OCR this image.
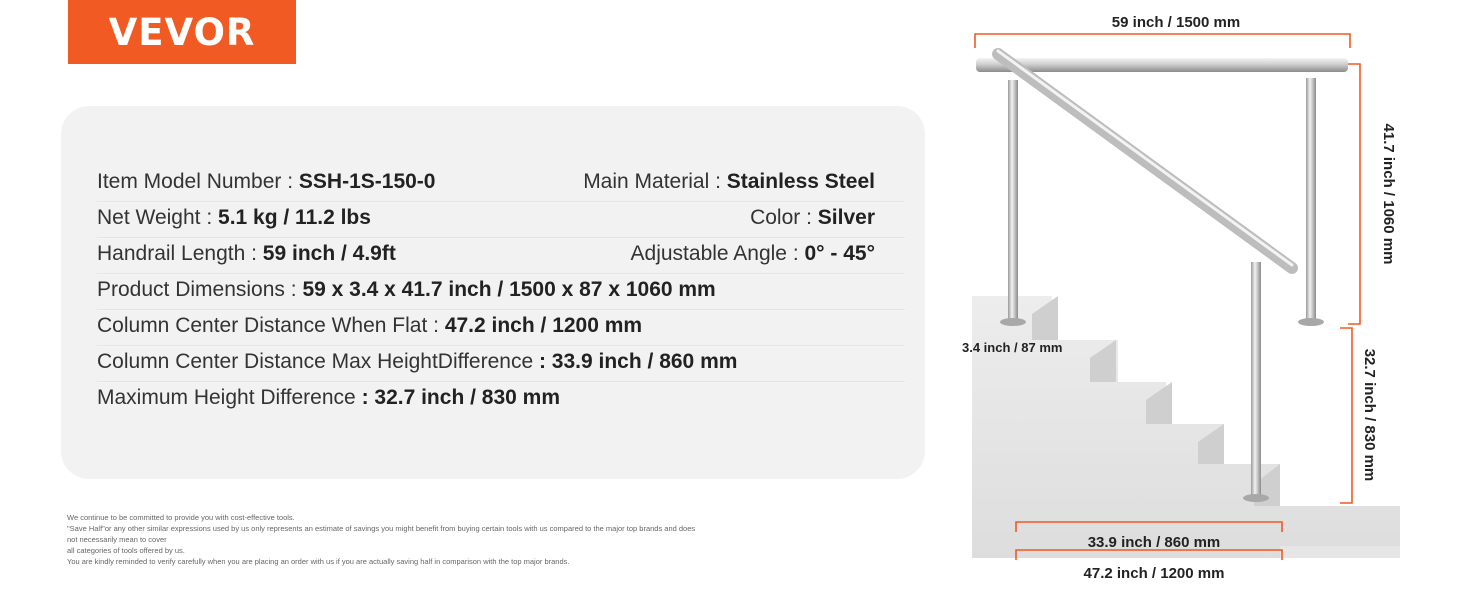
VEVOR
Item Model Number : SSH-1S-150-0	Main Material : Stainless Steel
Net Weight : 5.1 kg / 11.2 lbs	Color : Silver
Handrail Length : 59 inch / 4.9ft	Adjustable Angle : 0° - 45°
Product Dimensions : 59 x 3.4 x 41.7 inch / 1500 x 87 x 1060 mm
Column Center Distance When Flat : 47.2 inch / 1200 mm
Column Center Distance Max HeightDifference : 33.9 inch / 860 mm
Maximum Height Difference : 32.7 inch / 830 mm
We continue to be committed to provide you with cost-effective tools.
"Save Half"or any other similar expressions used by us only represents an estimate of savings you might benefit from buying certain tools with us compared to the major top brands and does
not necessarily mean to cover
all categories of tools offered by us.
You are kindly reminded to verify carefully when you are placing an order with us if you are actually saving half in comparison with the top major brands.
59 inch / 1500 mm
41.7 inch / 1060 mm
32.7 inch / 830 mm
3.4 inch / 87 mm
33.9 inch / 860 mm
47.2 inch / 1200 mm
